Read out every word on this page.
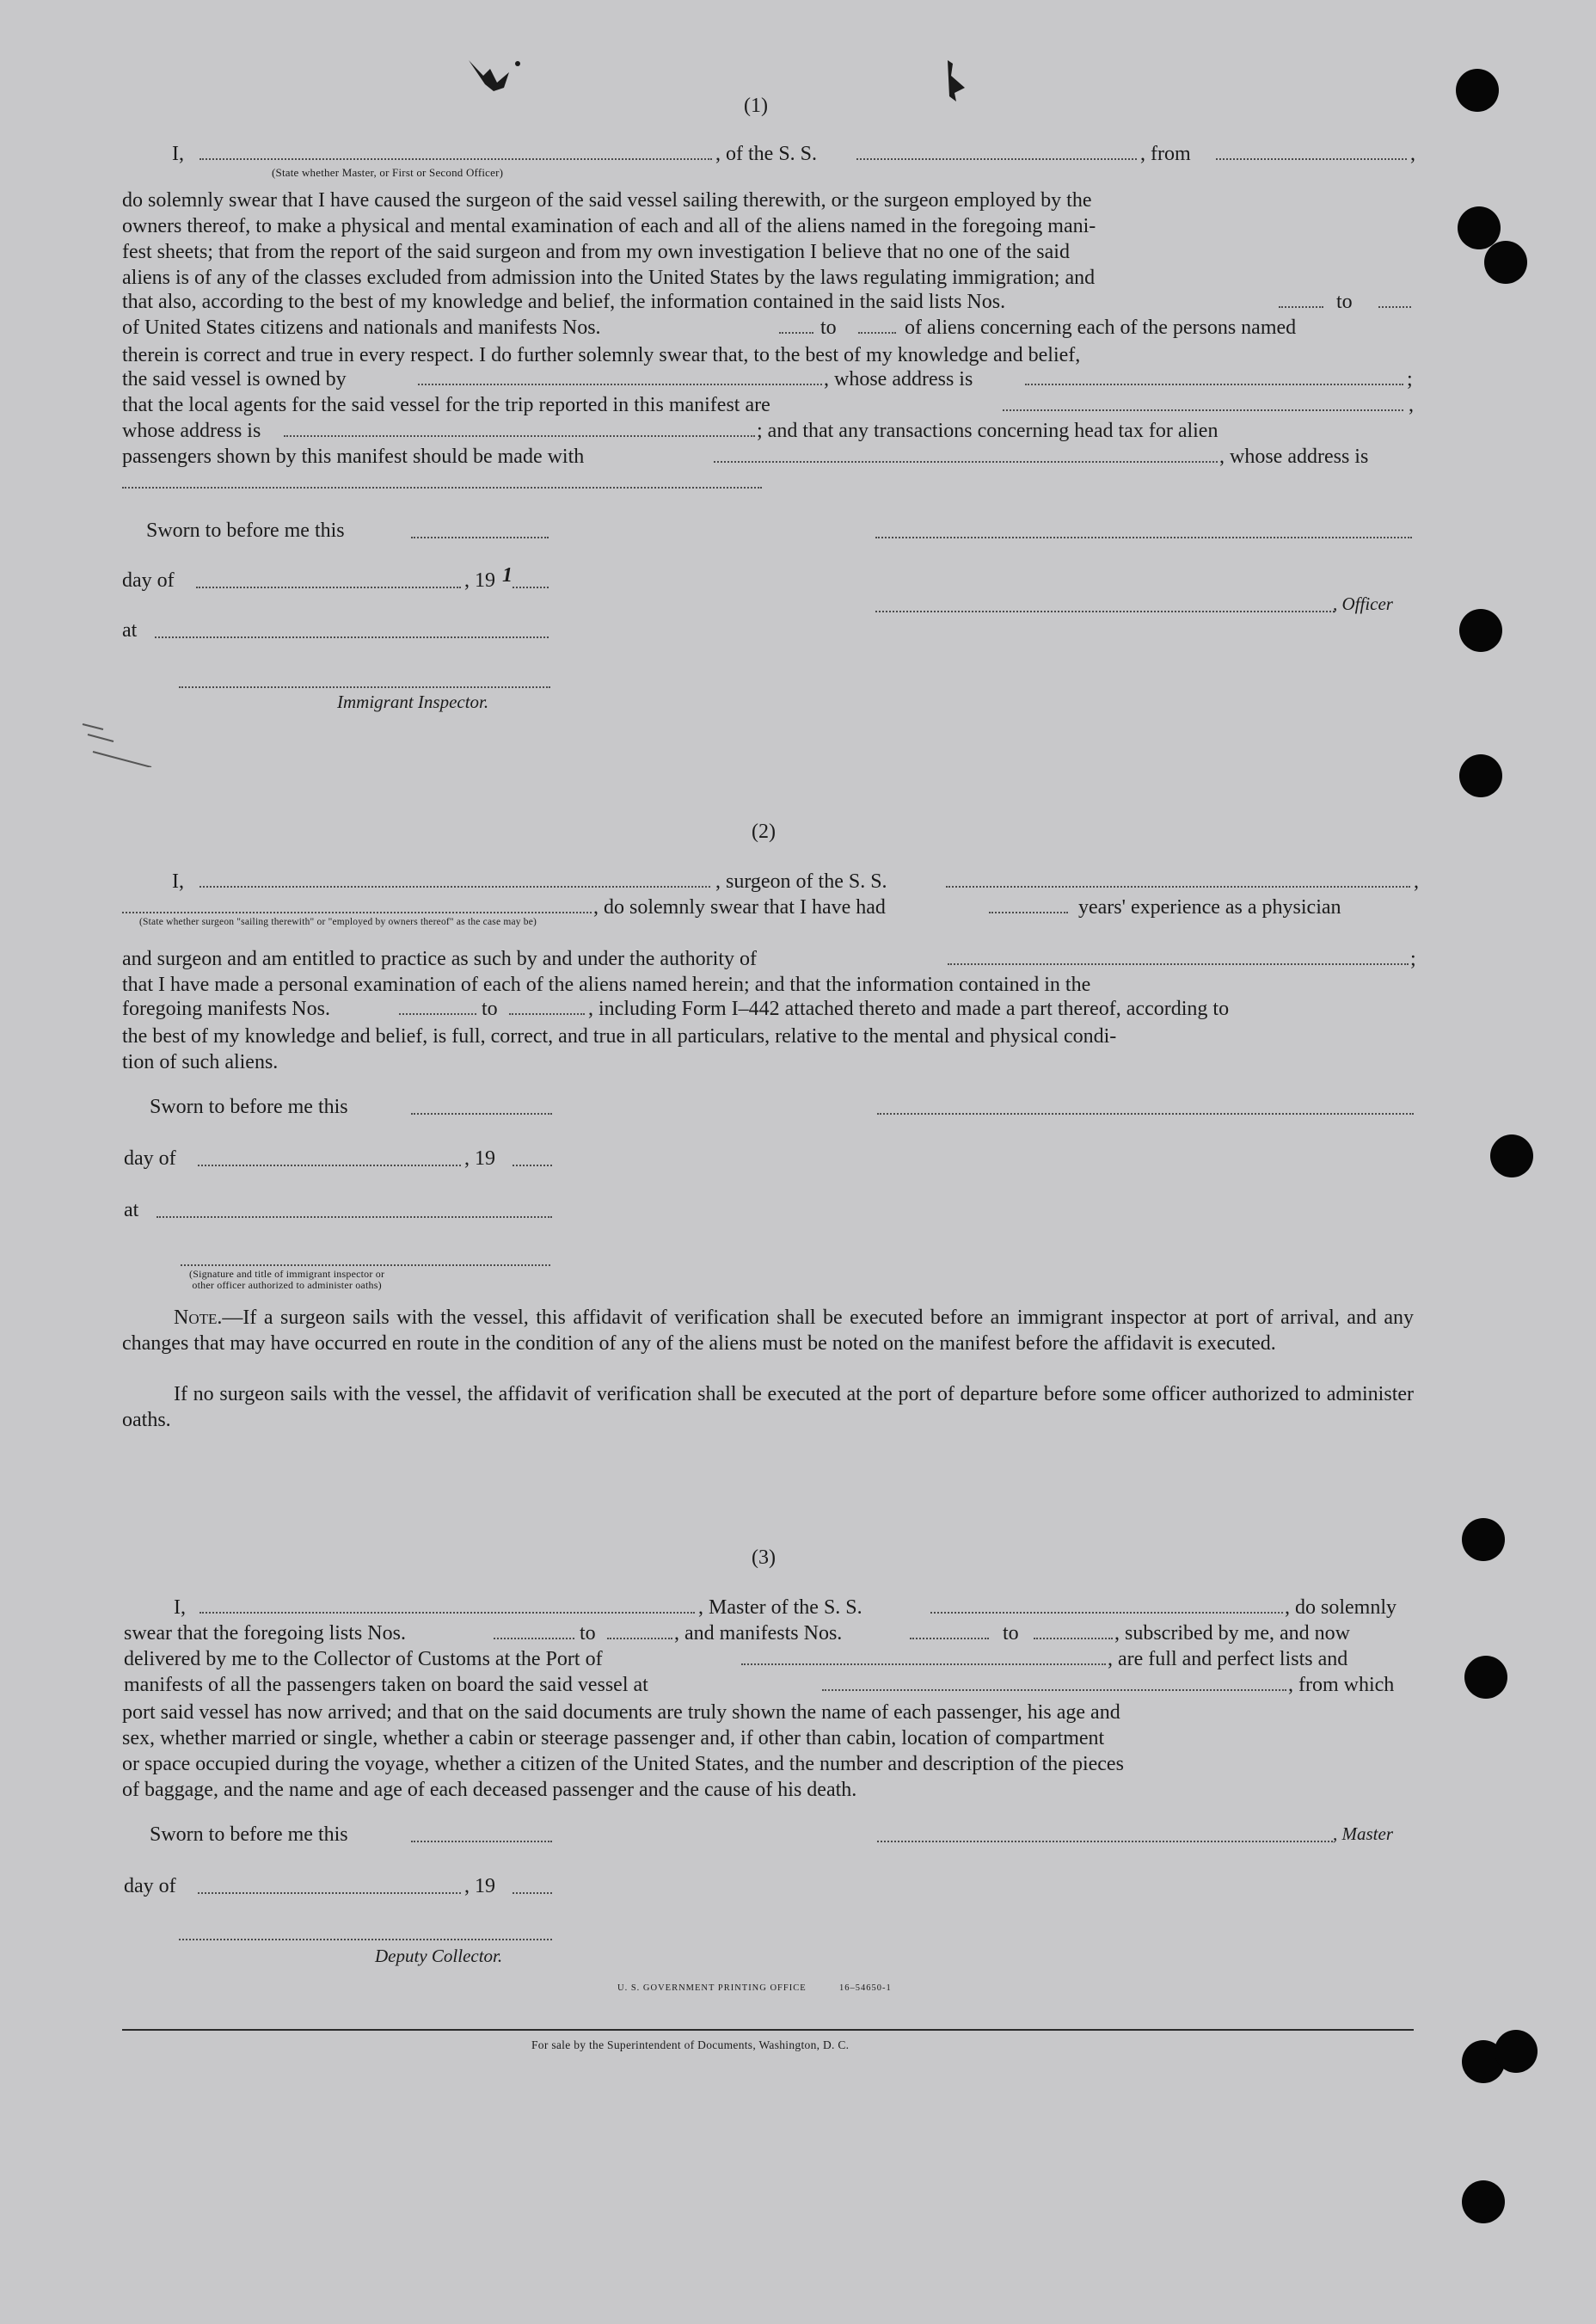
(1)
I,	, of the S. S.	, from	,
(State whether Master, or First or Second Officer)
do solemnly swear that I have caused the surgeon of the said vessel sailing therewith, or the surgeon employed by the
owners thereof, to make a physical and mental examination of each and all of the aliens named in the foregoing mani-
fest sheets; that from the report of the said surgeon and from my own investigation I believe that no one of the said
aliens is of any of the classes excluded from admission into the United States by the laws regulating immigration; and
that also, according to the best of my knowledge and belief, the information contained in the said lists Nos.	to
of United States citizens and nationals and manifests Nos.	to	of aliens concerning each of the persons named
therein is correct and true in every respect. I do further solemnly swear that, to the best of my knowledge and belief,
the said vessel is owned by	, whose address is	;
that the local agents for the said vessel for the trip reported in this manifest are	,
whose address is	; and that any transactions concerning head tax for alien
passengers shown by this manifest should be made with	, whose address is
Sworn to before me this
day of	, 19 1
, Officer
at
Immigrant Inspector.
(2)
I,	, surgeon of the S. S.	,
, do solemnly swear that I have had	years' experience as a physician
(State whether surgeon "sailing therewith" or "employed by owners thereof" as the case may be)
and surgeon and am entitled to practice as such by and under the authority of	;
that I have made a personal examination of each of the aliens named herein; and that the information contained in the
foregoing manifests Nos.	to	, including Form I–442 attached thereto and made a part thereof, according to
the best of my knowledge and belief, is full, correct, and true in all particulars, relative to the mental and physical condi-
tion of such aliens.
Sworn to before me this
day of	, 19
at
(Signature and title of immigrant inspector or
other officer authorized to administer oaths)
Note.—If a surgeon sails with the vessel, this affidavit of verification shall be executed before an immigrant inspector at port of arrival, and any changes that may have occurred en route in the condition of any of the aliens must be noted on the manifest before the affidavit is executed.
If no surgeon sails with the vessel, the affidavit of verification shall be executed at the port of departure before some officer authorized to administer oaths.
(3)
I,	, Master of the S. S.	, do solemnly
swear that the foregoing lists Nos.	to	, and manifests Nos.	to	, subscribed by me, and now
delivered by me to the Collector of Customs at the Port of	, are full and perfect lists and
manifests of all the passengers taken on board the said vessel at	, from which
port said vessel has now arrived; and that on the said documents are truly shown the name of each passenger, his age and
sex, whether married or single, whether a cabin or steerage passenger and, if other than cabin, location of compartment
or space occupied during the voyage, whether a citizen of the United States, and the number and description of the pieces
of baggage, and the name and age of each deceased passenger and the cause of his death.
Sworn to before me this	, Master
day of	, 19
Deputy Collector.
U. S. GOVERNMENT PRINTING OFFICE	16–54650-1
For sale by the Superintendent of Documents, Washington, D. C.
